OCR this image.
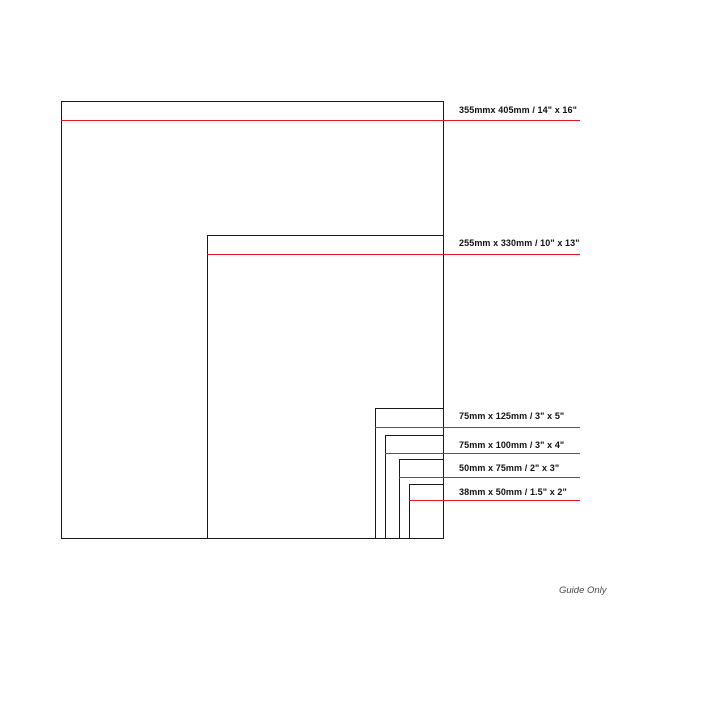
355mmx 405mm / 14" x 16"
255mm x 330mm / 10" x 13"
75mm x 125mm / 3" x 5"
75mm x 100mm / 3" x 4"
50mm x 75mm / 2" x 3"
38mm x 50mm / 1.5" x 2"
Guide Only
